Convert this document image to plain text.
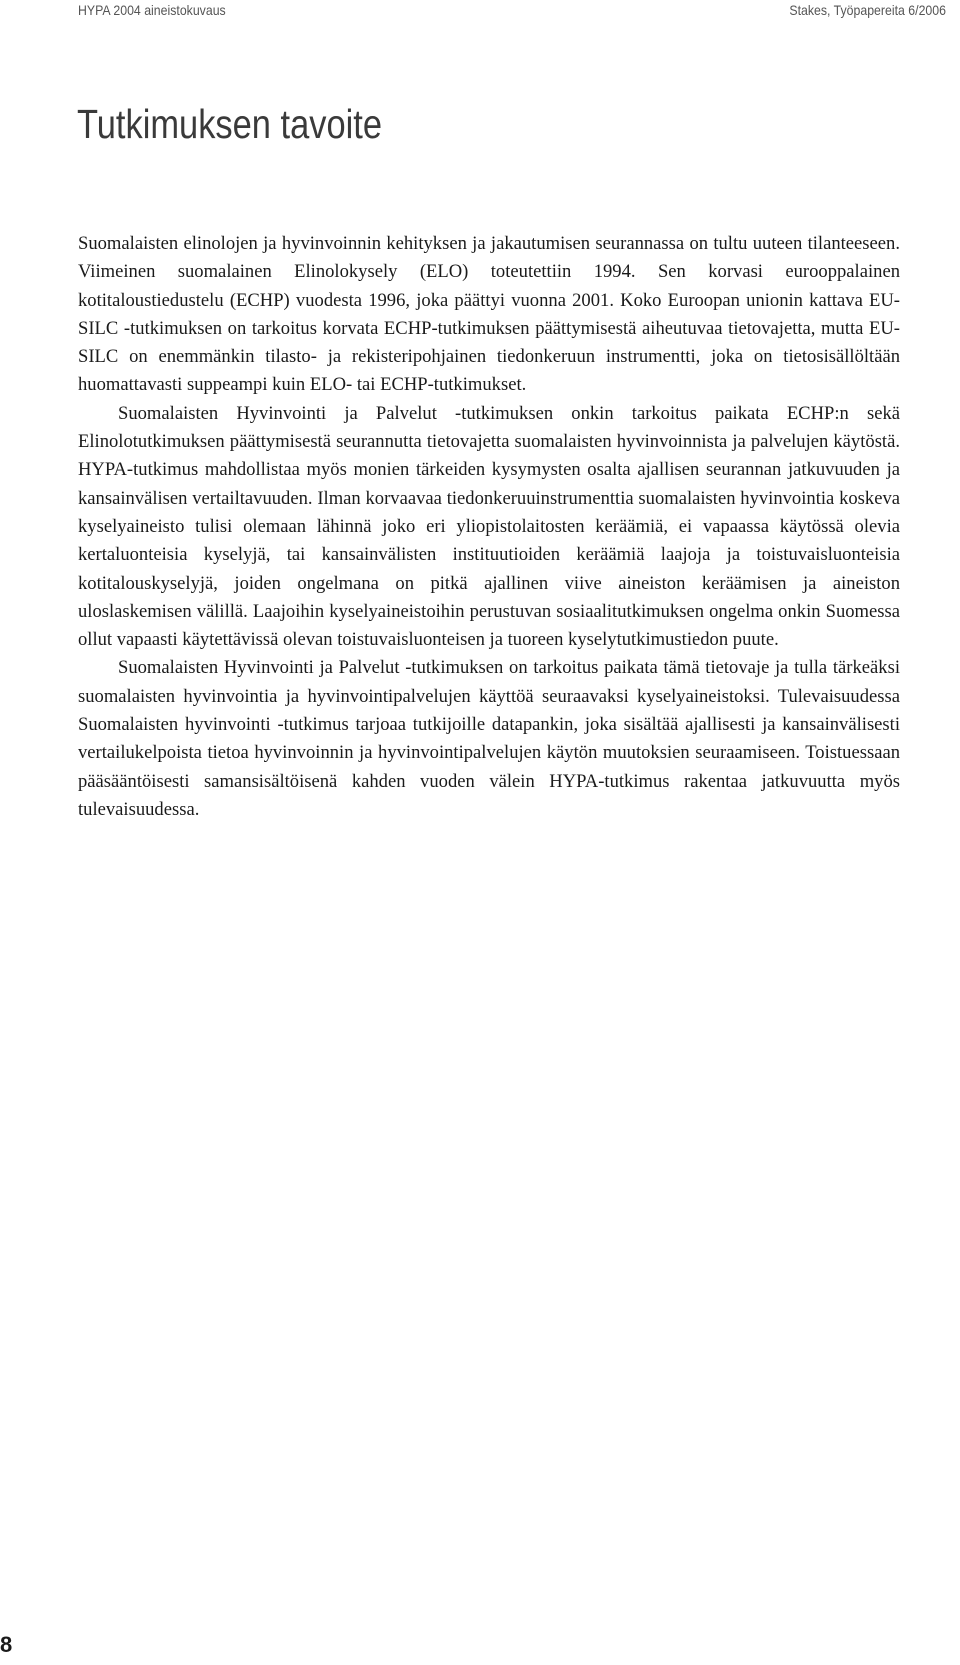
HYPA 2004 aineistokuvaus	Stakes, Työpapereita 6/2006
Tutkimuksen tavoite

Suomalaisten elinolojen ja hyvinvoinnin kehityksen ja jakautumisen seurannassa on tultu uuteen tilanteeseen. Viimeinen suomalainen Elinolokysely (ELO) toteutettiin 1994. Sen korvasi eurooppalainen kotitaloustiedustelu (ECHP) vuodesta 1996, joka päättyi vuonna 2001. Koko Euroopan unionin kattava EU-SILC -tutkimuksen on tarkoitus korvata ECHP-tutkimuksen päättymisestä aiheutuvaa tietovajetta, mutta EU-SILC on enemmänkin tilasto- ja rekisteripohjainen tiedonkeruun instrumentti, joka on tietosisällöltään huomattavasti suppeampi kuin ELO- tai ECHP-tutkimukset.

Suomalaisten Hyvinvointi ja Palvelut -tutkimuksen onkin tarkoitus paikata ECHP:n sekä Elinolotutkimuksen päättymisestä seurannutta tietovajetta suomalaisten hyvinvoinnista ja palvelujen käytöstä. HYPA-tutkimus mahdollistaa myös monien tärkeiden kysymysten osalta ajallisen seurannan jatkuvuuden ja kansainvälisen vertailtavuuden. Ilman korvaavaa tiedonkeruuinstrumenttia suomalaisten hyvinvointia koskeva kyselyaineisto tulisi olemaan lähinnä joko eri yliopistolaitosten keräämiä, ei vapaassa käytössä olevia kertaluonteisia kyselyjä, tai kansainvälisten instituutioiden keräämiä laajoja ja toistuvaisluonteisia kotitalouskyselyjä, joiden ongelmana on pitkä ajallinen viive aineiston keräämisen ja aineiston uloslaskemisen välillä. Laajoihin kyselyaineistoihin perustuvan sosiaalitutkimuksen ongelma onkin Suomessa ollut vapaasti käytettävissä olevan toistuvaisluonteisen ja tuoreen kyselytutkimustiedon puute.

Suomalaisten Hyvinvointi ja Palvelut -tutkimuksen on tarkoitus paikata tämä tietovaje ja tulla tärkeäksi suomalaisten hyvinvointia ja hyvinvointipalvelujen käyttöä seuraavaksi kyselyaineistoksi. Tulevaisuudessa Suomalaisten hyvinvointi -tutkimus tarjoaa tutkijoille datapankin, joka sisältää ajallisesti ja kansainvälisesti vertailukelpoista tietoa hyvinvoinnin ja hyvinvointipalvelujen käytön muutoksien seuraamiseen. Toistuessaan pääsääntöisesti samansisältöisenä kahden vuoden välein HYPA-tutkimus rakentaa jatkuvuutta myös tulevaisuudessa.

8
